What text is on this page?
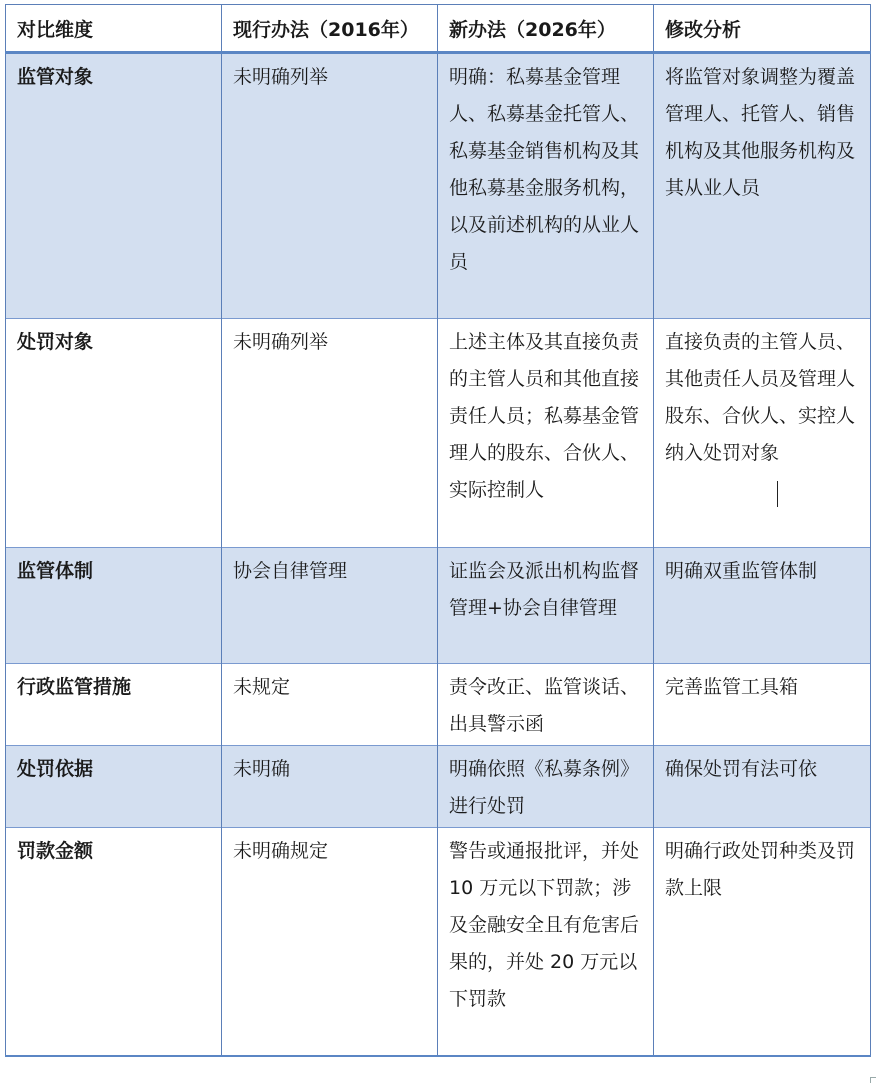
对比维度	现行办法（2016年）	新办法（2026年）	修改分析
监管对象	未明确列举	明确：私募基金管理人、私募基金托管人、私募基金销售机构及其他私募基金服务机构，以及前述机构的从业人员	将监管对象调整为覆盖管理人、托管人、销售机构及其他服务机构及其从业人员
处罚对象	未明确列举	上述主体及其直接负责的主管人员和其他直接责任人员；私募基金管理人的股东、合伙人、实际控制人	直接负责的主管人员、其他责任人员及管理人股东、合伙人、实控人纳入处罚对象
监管体制	协会自律管理	证监会及派出机构监督管理+协会自律管理	明确双重监管体制
行政监管措施	未规定	责令改正、监管谈话、出具警示函	完善监管工具箱
处罚依据	未明确	明确依照《私募条例》进行处罚	确保处罚有法可依
罚款金额	未明确规定	警告或通报批评，并处 10 万元以下罚款；涉及金融安全且有危害后果的，并处 20 万元以下罚款	明确行政处罚种类及罚款上限
